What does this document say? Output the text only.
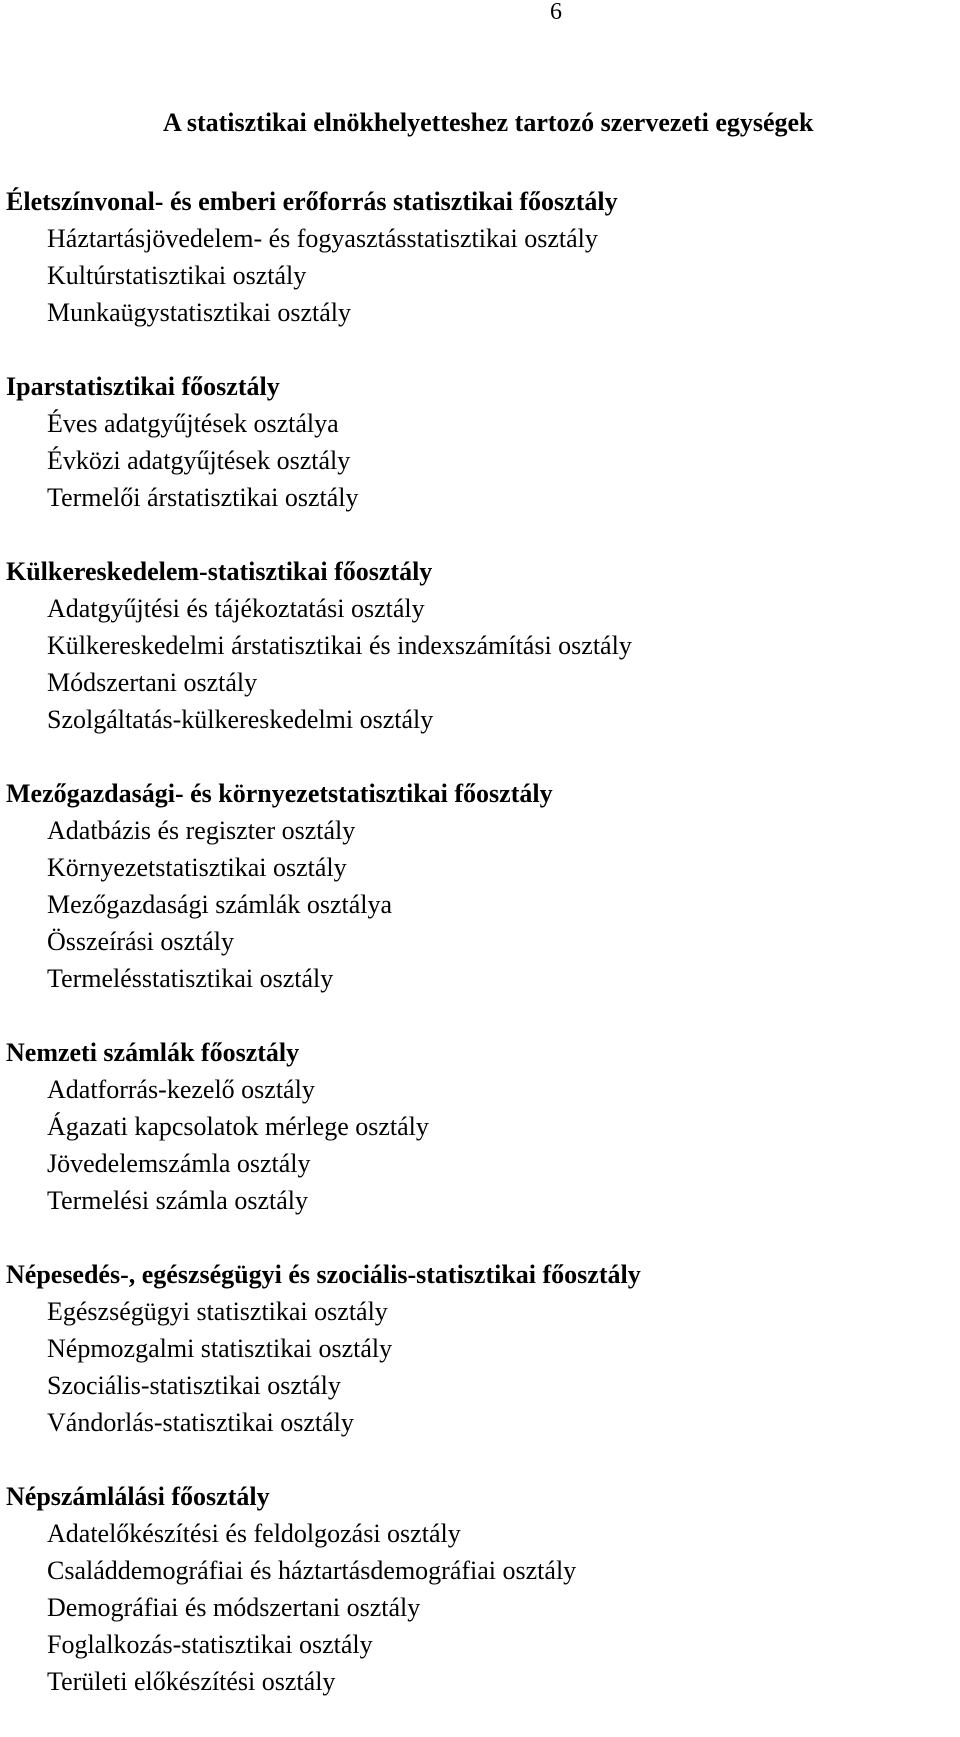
6
A statisztikai elnökhelyetteshez tartozó szervezeti egységek
Életszínvonal- és emberi erőforrás statisztikai főosztály
Háztartásjövedelem- és fogyasztásstatisztikai osztály
Kultúrstatisztikai osztály
Munkaügystatisztikai osztály
Iparstatisztikai főosztály
Éves adatgyűjtések osztálya
Évközi adatgyűjtések osztály
Termelői árstatisztikai osztály
Külkereskedelem-statisztikai főosztály
Adatgyűjtési és tájékoztatási osztály
Külkereskedelmi árstatisztikai és indexszámítási osztály
Módszertani osztály
Szolgáltatás-külkereskedelmi osztály
Mezőgazdasági- és környezetstatisztikai főosztály
Adatbázis és regiszter osztály
Környezetstatisztikai osztály
Mezőgazdasági számlák osztálya
Összeírási osztály
Termelésstatisztikai osztály
Nemzeti számlák főosztály
Adatforrás-kezelő osztály
Ágazati kapcsolatok mérlege osztály
Jövedelemszámla osztály
Termelési számla osztály
Népesedés-, egészségügyi és szociális-statisztikai főosztály
Egészségügyi statisztikai osztály
Népmozgalmi statisztikai osztály
Szociális-statisztikai osztály
Vándorlás-statisztikai osztály
Népszámlálási főosztály
Adatelőkészítési és feldolgozási osztály
Családdemográfiai és háztartásdemográfiai osztály
Demográfiai és módszertani osztály
Foglalkozás-statisztikai osztály
Területi előkészítési osztály
